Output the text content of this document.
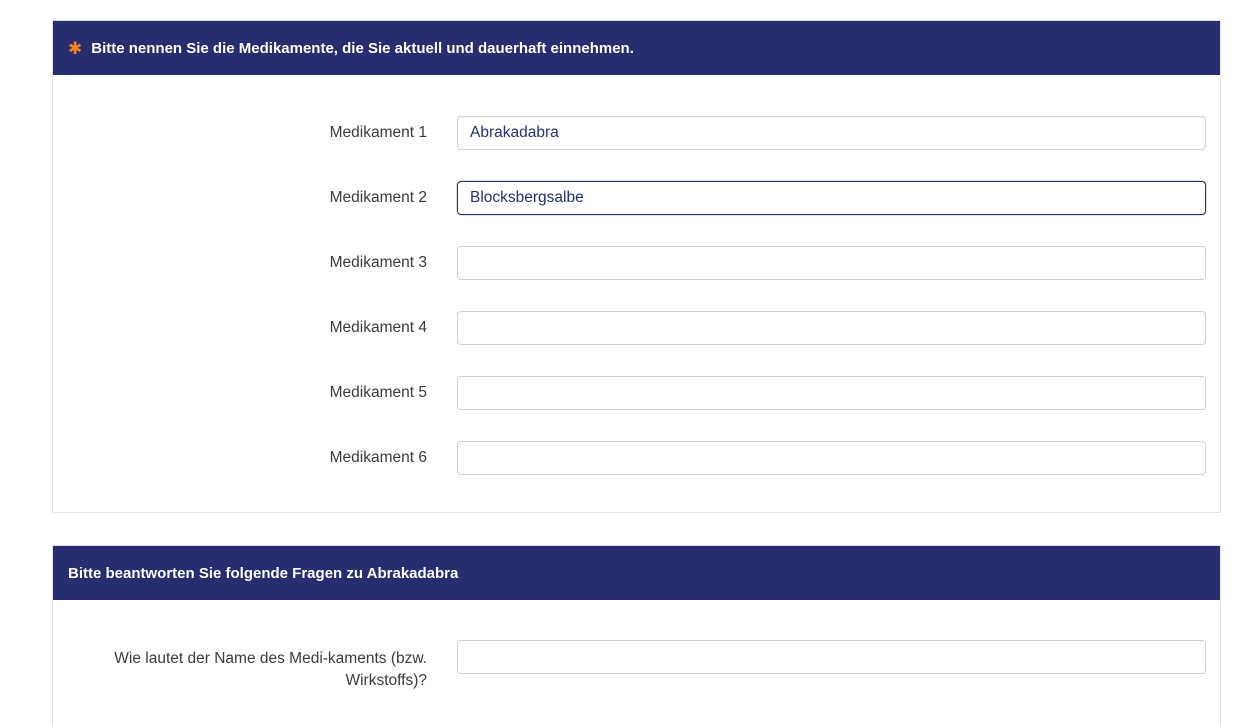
✱ Bitte nennen Sie die Medikamente, die Sie aktuell und dauerhaft einnehmen.
Medikament 1
Abrakadabra
Medikament 2
Blocksbergsalbe
Medikament 3
Medikament 4
Medikament 5
Medikament 6
Bitte beantworten Sie folgende Fragen zu Abrakadabra
Wie lautet der Name des Medi-kaments (bzw. Wirkstoffs)?
